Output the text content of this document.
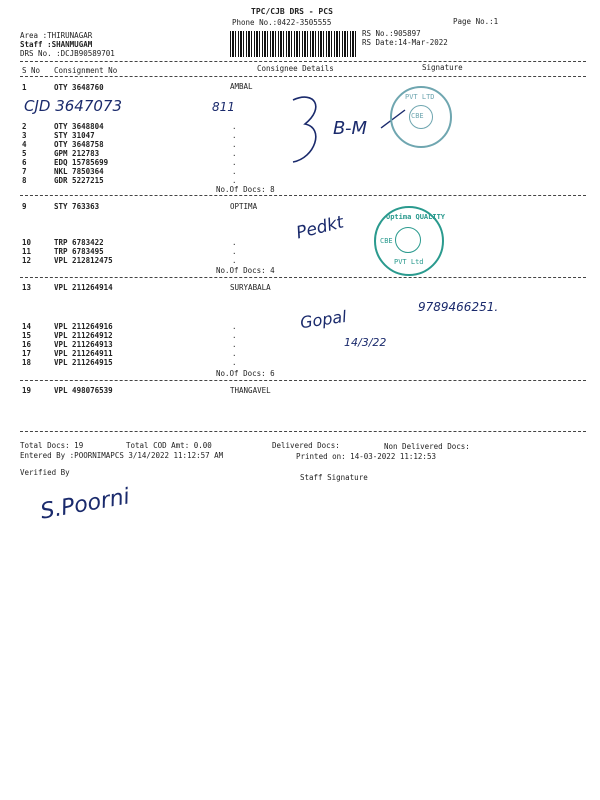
TPC/CJB DRS - PCS
Phone No.:0422-3505555	Page No.:1
Area :THIRUNAGAR
Staff :SHANMUGAM
DRS No. :DCJB90589701
RS No.:905897
RS Date:14-Mar-2022
S No Consignment No	Consignee Details	Signature
1	OTY 3648760	AMBAL
CJD 3647073	811
B-M
PVT LTD
CBE
2	OTY 3648804	.
3	STY 31047	.
4	OTY 3648758	.
5	GPM 212783	.
6	EDQ 15785699	.
7	NKL 7850364	.
8	GDR 5227215	.
No.Of Docs: 8
9	STY 763363	OPTIMA
Pedkt	Optima QUALITY
CBE
PVT Ltd
10	TRP 6783422	.
11	TRP 6783495	.
12	VPL 212812475	.
No.Of Docs: 4
13	VPL 211264914	SURYABALA
Gopal
14/3/22
9789466251.
14	VPL 211264916	.
15	VPL 211264912	.
16	VPL 211264913	.
17	VPL 211264911	.
18	VPL 211264915	.
No.Of Docs: 6
19	VPL 498076539	THANGAVEL
Total Docs: 19	Total COD Amt: 0.00	Delivered Docs:	Non Delivered Docs:
Entered By :POORNIMAPCS 3/14/2022 11:12:57 AM	Printed on: 14-03-2022 11:12:53
Verified By
Staff Signature
S.Poorni
